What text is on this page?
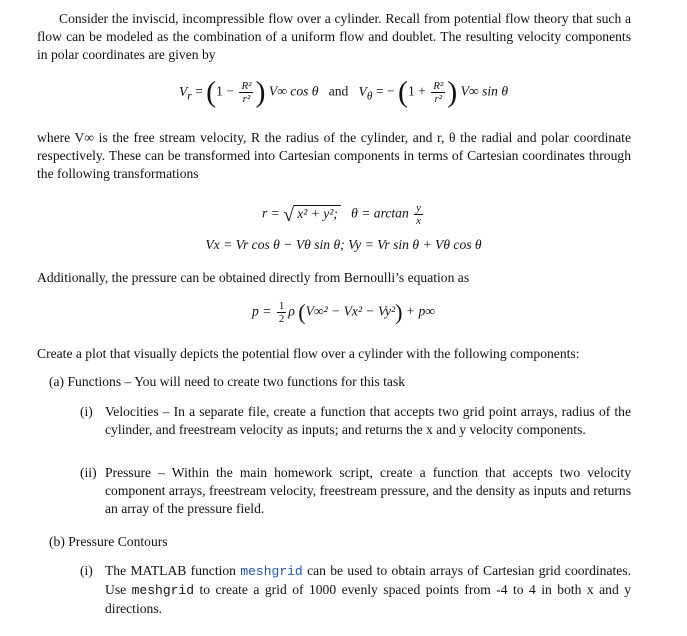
Consider the inviscid, incompressible flow over a cylinder. Recall from potential flow theory that such a flow can be modeled as the combination of a uniform flow and doublet. The resulting velocity components in polar coordinates are given by

$V_r = (1 - \frac{\text{R²}}{\text{r²}}$ ) V∞ cos θ and $V_\theta$ = − ($1 + \frac{\text{R²}}{\text{r²}}$ ) V∞ sin θ

where V∞ is the free stream velocity, R the radius of the cylinder, and r, θ the radial and polar coordinate respectively. These can be transformed into Cartesian components in terms of Cartesian coordinates through the following transformations

r = √ x² + y²; $\theta = \arctan \frac{y}{x}$
Vx = Vr cos θ − Vθ sin θ; Vy = Vr sin θ + Vθ cos θ

Additionally, the pressure can be obtained directly from Bernoulli’s equation as

$p = \frac{1}{2}$ ρ (V∞² − Vx² − Vy²) + p∞

Create a plot that visually depicts the potential flow over a cylinder with the following components:

(a) Functions – You will need to create two functions for this task

(i) Velocities – In a separate file, create a function that accepts two grid point arrays, radius of the cylinder, and freestream velocity as inputs; and returns the x and y velocity components.

(ii) Pressure – Within the main homework script, create a function that accepts two velocity component arrays, freestream velocity, freestream pressure, and the density as inputs and returns an array of the pressure field.

(b) Pressure Contours

(i) The MATLAB function meshgrid can be used to obtain arrays of Cartesian grid coordinates. Use meshgrid to create a grid of 1000 evenly spaced points from -4 to 4 in both x and y directions.
